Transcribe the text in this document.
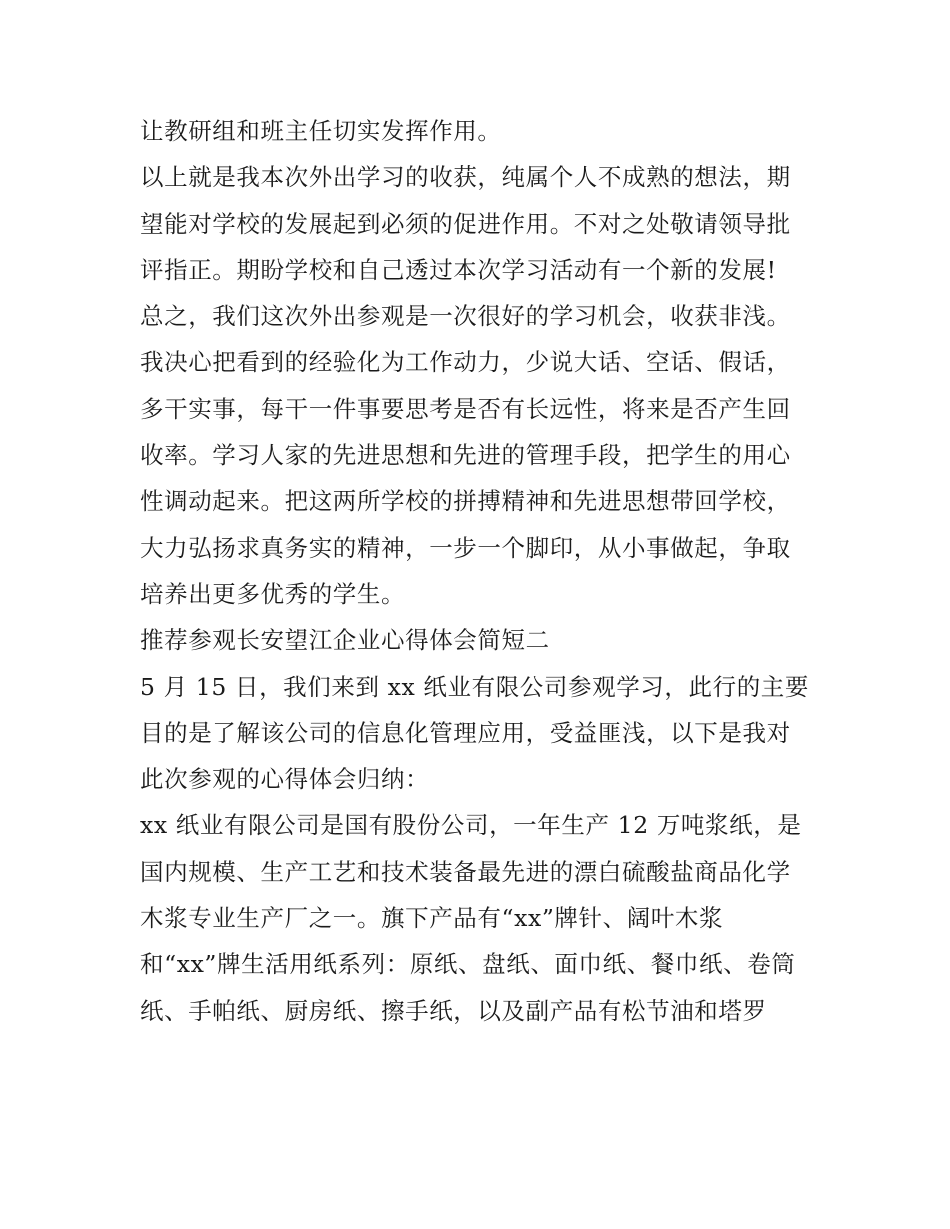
让教研组和班主任切实发挥作用。
以上就是我本次外出学习的收获，纯属个人不成熟的想法，期
望能对学校的发展起到必须的促进作用。不对之处敬请领导批
评指正。期盼学校和自己透过本次学习活动有一个新的发展!
总之，我们这次外出参观是一次很好的学习机会，收获非浅。
我决心把看到的经验化为工作动力，少说大话、空话、假话，
多干实事，每干一件事要思考是否有长远性，将来是否产生回
收率。学习人家的先进思想和先进的管理手段，把学生的用心
性调动起来。把这两所学校的拼搏精神和先进思想带回学校，
大力弘扬求真务实的精神，一步一个脚印，从小事做起，争取
培养出更多优秀的学生。
推荐参观长安望江企业心得体会简短二
5 月 15 日，我们来到 xx 纸业有限公司参观学习，此行的主要
目的是了解该公司的信息化管理应用，受益匪浅，以下是我对
此次参观的心得体会归纳：
xx 纸业有限公司是国有股份公司，一年生产 12 万吨浆纸，是
国内规模、生产工艺和技术装备最先进的漂白硫酸盐商品化学
木浆专业生产厂之一。旗下产品有“xx”牌针、阔叶木浆
和“xx”牌生活用纸系列：原纸、盘纸、面巾纸、餐巾纸、卷筒
纸、手帕纸、厨房纸、擦手纸，以及副产品有松节油和塔罗
